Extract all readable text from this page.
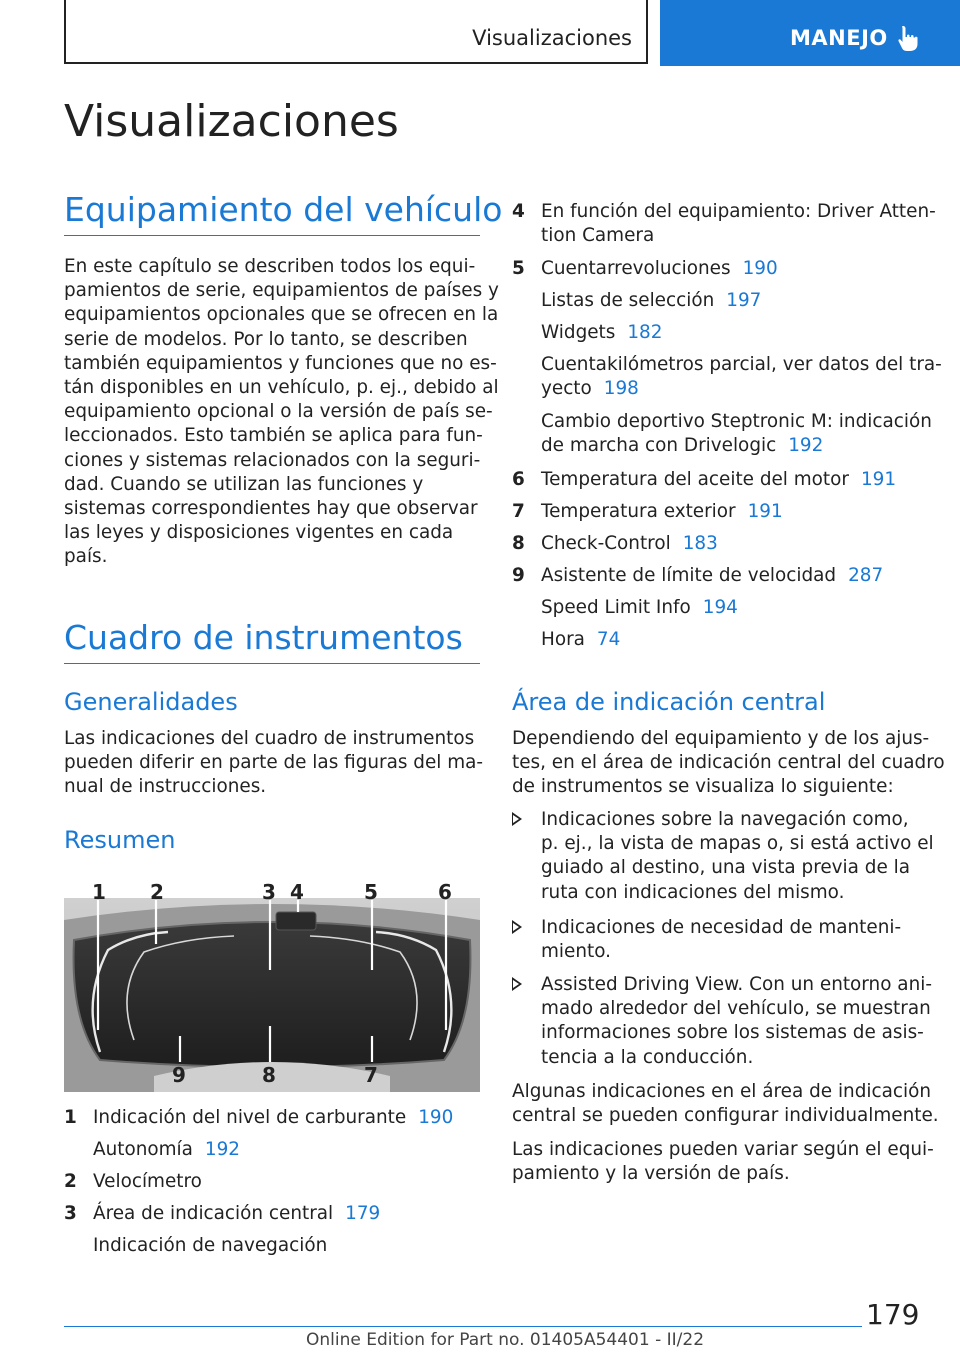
Visualizaciones	MANEJO
Visualizaciones
Equipamiento del vehículo
En este capítulo se describen todos los equi-
pamientos de serie, equipamientos de países y
equipamientos opcionales que se ofrecen en la
serie de modelos. Por lo tanto, se describen
también equipamientos y funciones que no es-
tán disponibles en un vehículo, p. ej., debido al
equipamiento opcional o la versión de país se-
leccionados. Esto también se aplica para fun-
ciones y sistemas relacionados con la seguri-
dad. Cuando se utilizan las funciones y
sistemas correspondientes hay que observar
las leyes y disposiciones vigentes en cada
país.
Cuadro de instrumentos
Generalidades
Las indicaciones del cuadro de instrumentos
pueden diferir en parte de las figuras del ma-
nual de instrucciones.
Resumen
1 2	3 4	5	6
9	8	7
1 Indicación del nivel de carburante 190
Autonomía 192
2 Velocímetro
3 Área de indicación central 179
Indicación de navegación
4 En función del equipamiento: Driver Atten-
tion Camera
5 Cuentarrevoluciones 190
Listas de selección 197
Widgets 182
Cuentakilómetros parcial, ver datos del tra-
yecto 198
Cambio deportivo Steptronic M: indicación
de marcha con Drivelogic 192
6 Temperatura del aceite del motor 191
7 Temperatura exterior 191
8 Check-Control 183
9 Asistente de límite de velocidad 287
Speed Limit Info 194
Hora 74
Área de indicación central
Dependiendo del equipamiento y de los ajus-
tes, en el área de indicación central del cuadro
de instrumentos se visualiza lo siguiente:
Indicaciones sobre la navegación como,
p. ej., la vista de mapas o, si está activo el
guiado al destino, una vista previa de la
ruta con indicaciones del mismo.
Indicaciones de necesidad de manteni-
miento.
Assisted Driving View. Con un entorno ani-
mado alrededor del vehículo, se muestran
informaciones sobre los sistemas de asis-
tencia a la conducción.
Algunas indicaciones en el área de indicación
central se pueden configurar individualmente.
Las indicaciones pueden variar según el equi-
pamiento y la versión de país.
179
Online Edition for Part no. 01405A54401 - II/22
